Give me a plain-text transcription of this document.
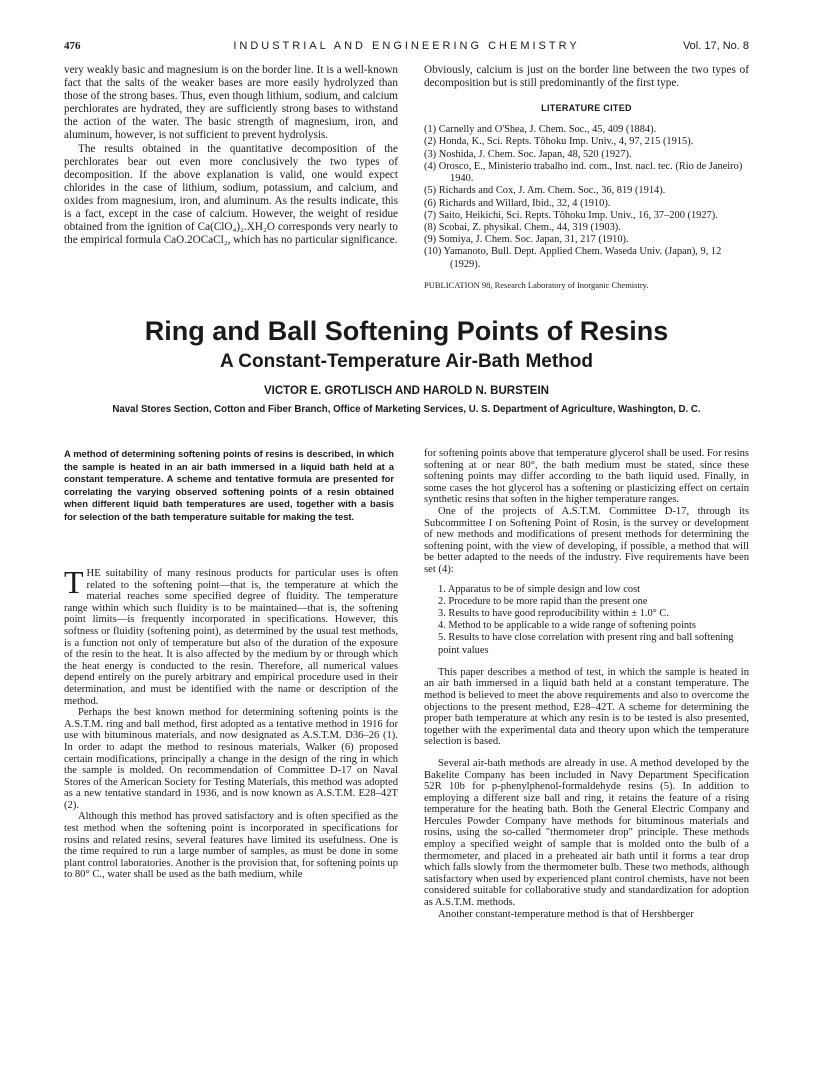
476	INDUSTRIAL AND ENGINEERING CHEMISTRY	Vol. 17, No. 8

very weakly basic and magnesium is on the border line. It is a well-known fact that the salts of the weaker bases are more easily hydrolyzed than those of the strong bases. Thus, even though lithium, sodium, and calcium perchlorates are hydrated, they are sufficiently strong bases to withstand the action of the water. The basic strength of magnesium, iron, and aluminum, however, is not sufficient to prevent hydrolysis.

The results obtained in the quantitative decomposition of the perchlorates bear out even more conclusively the two types of decomposition. If the above explanation is valid, one would expect chlorides in the case of lithium, sodium, potassium, and calcium, and oxides from magnesium, iron, and aluminum. As the results indicate, this is a fact, except in the case of calcium. However, the weight of residue obtained from the ignition of Ca(ClO₄)₂.XH₂O corresponds very nearly to the empirical formula CaO.2OCaCl₂, which has no particular significance.

Obviously, calcium is just on the border line between the two types of decomposition but is still predominantly of the first type.

LITERATURE CITED
(1) Carnelly and O'Shea, J. Chem. Soc., 45, 409 (1884).
(2) Honda, K., Sci. Repts. Tôhoku Imp. Univ., 4, 97, 215 (1915).
(3) Noshida, J. Chem. Soc. Japan, 48, 520 (1927).
(4) Orosco, E., Ministerio trabalho ind. com., Inst. nacl. tec. (Rio de Janeiro) 1940.
(5) Richards and Cox, J. Am. Chem. Soc., 36, 819 (1914).
(6) Richards and Willard, Ibid., 32, 4 (1910).
(7) Saito, Heikichi, Sci. Repts. Tôhoku Imp. Univ., 16, 37–200 (1927).
(8) Scobai, Z. physikal. Chem., 44, 319 (1903).
(9) Somiya, J. Chem. Soc. Japan, 31, 217 (1910).
(10) Yamanoto, Bull. Dept. Applied Chem. Waseda Univ. (Japan), 9, 12 (1929).
PUBLICATION 98, Research Laboratory of Inorganic Chemistry.
Ring and Ball Softening Points of Resins
A Constant-Temperature Air-Bath Method
VICTOR E. GROTLISCH AND HAROLD N. BURSTEIN
Naval Stores Section, Cotton and Fiber Branch, Office of Marketing Services, U. S. Department of Agriculture, Washington, D. C.
A method of determining softening points of resins is described, in which the sample is heated in an air bath immersed in a liquid bath held at a constant temperature. A scheme and tentative formula are presented for correlating the varying observed softening points of a resin obtained when different liquid bath temperatures are used, together with a basis for selection of the bath temperature suitable for making the test.

THE suitability of many resinous products for particular uses is often related to the softening point—that is, the temperature at which the material reaches some specified degree of fluidity. The temperature range within which such fluidity is to be maintained—that is, the softening point limits—is frequently incorporated in specifications. However, this softness or fluidity (softening point), as determined by the usual test methods, is a function not only of temperature but also of the duration of the exposure of the resin to the heat. It is also affected by the medium by or through which the heat energy is conducted to the resin. Therefore, all numerical values depend entirely on the purely arbitrary and empirical procedure used in their determination, and must be identified with the name or description of the method.

Perhaps the best known method for determining softening points is the A.S.T.M. ring and ball method, first adopted as a tentative method in 1916 for use with bituminous materials, and now designated as A.S.T.M. D36–26 (1). In order to adapt the method to resinous materials, Walker (6) proposed certain modifications, principally a change in the design of the ring in which the sample is molded. On recommendation of Committee D-17 on Naval Stores of the American Society for Testing Materials, this method was adopted as a new tentative standard in 1936, and is now known as A.S.T.M. E28–42T (2).

Although this method has proved satisfactory and is often specified as the test method when the softening point is incorporated in specifications for rosins and related resins, several features have limited its usefulness. One is the time required to run a large number of samples, as must be done in some plant control laboratories. Another is the provision that, for softening points up to 80° C., water shall be used as the bath medium, while

for softening points above that temperature glycerol shall be used. For resins softening at or near 80°, the bath medium must be stated, since these softening points may differ according to the bath liquid used. Finally, in some cases the hot glycerol has a softening or plasticizing effect on certain synthetic resins that soften in the higher temperature ranges.

One of the projects of A.S.T.M. Committee D-17, through its Subcommittee I on Softening Point of Rosin, is the survey or development of new methods and modifications of present methods for determining the softening point, with the view of developing, if possible, a method that will be better adapted to the needs of the industry. Five requirements have been set (4):

1. Apparatus to be of simple design and low cost
2. Procedure to be more rapid than the present one
3. Results to have good reproducibility within ± 1.0° C.
4. Method to be applicable to a wide range of softening points
5. Results to have close correlation with present ring and ball softening point values

This paper describes a method of test, in which the sample is heated in an air bath immersed in a liquid bath held at a constant temperature. The method is believed to meet the above requirements and also to overcome the objections to the present method, E28–42T. A scheme for determining the proper bath temperature at which any resin is to be tested is also presented, together with the experimental data and theory upon which the temperature selection is based.

Several air-bath methods are already in use. A method developed by the Bakelite Company has been included in Navy Department Specification 52R 10b for p-phenylphenol-formaldehyde resins (5). In addition to employing a different size ball and ring, it retains the feature of a rising temperature for the heating bath. Both the General Electric Company and Hercules Powder Company have methods for bituminous materials and rosins, using the so-called "thermometer drop" principle. These methods employ a specified weight of sample that is molded onto the bulb of a thermometer, and placed in a preheated air bath until it forms a tear drop which falls slowly from the thermometer bulb. These two methods, although satisfactory when used by experienced plant control chemists, have not been considered suitable for collaborative study and standardization for adoption as A.S.T.M. methods.

Another constant-temperature method is that of Hershberger
